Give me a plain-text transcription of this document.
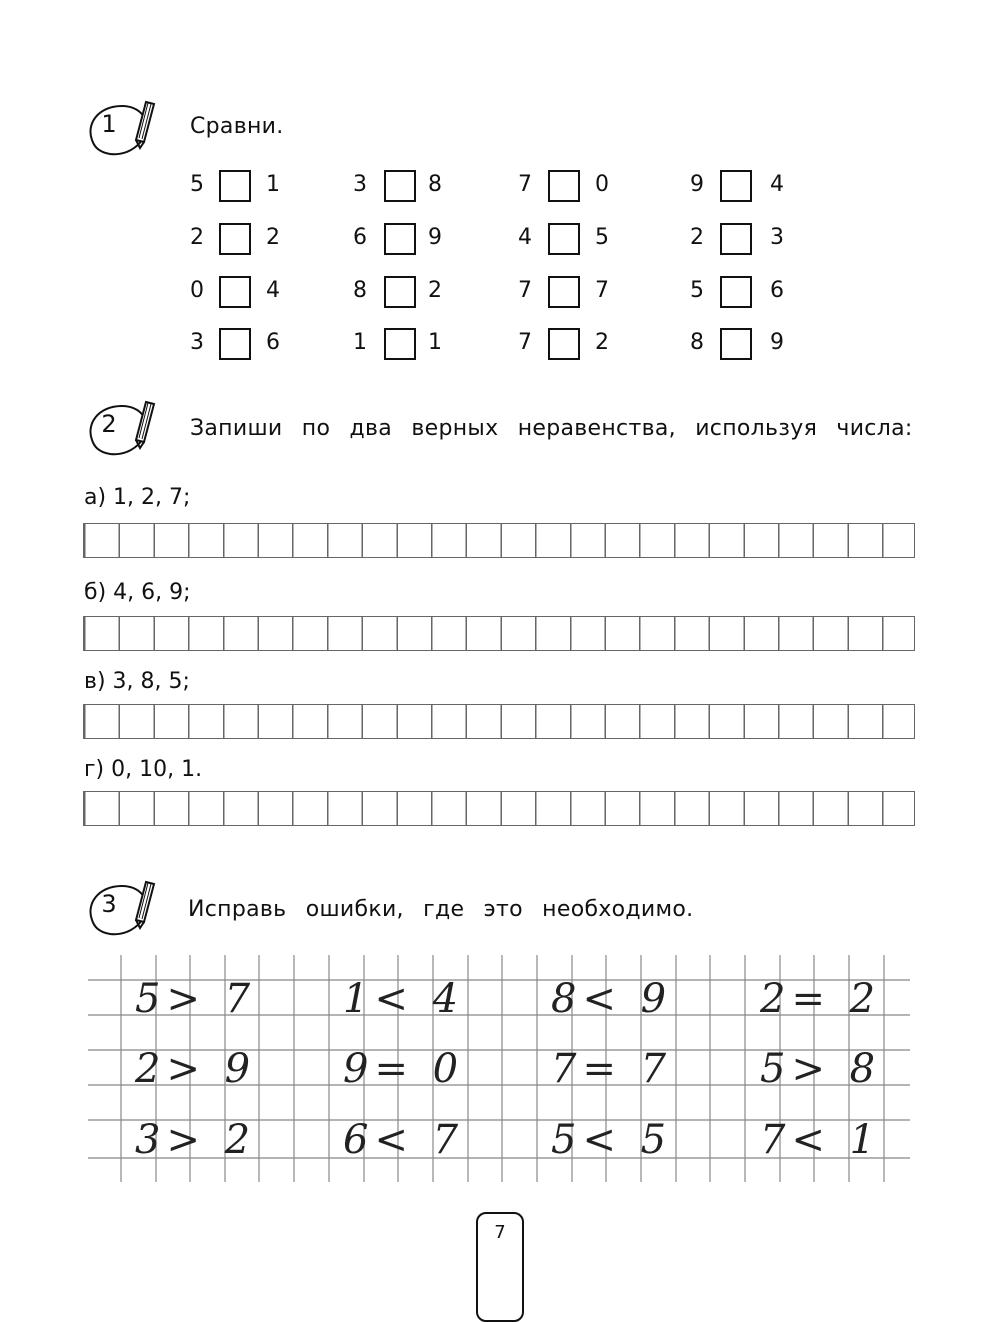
1	Сравни.
5	1
2	2
0	4
3	6
3	8
6	9
8	2
1	1
7	0
4	5
7	7
7	2
9	4
2	3
5	6
8	9
2	Запиши по два верных неравенства, используя числа:
а) 1, 2, 7;
б) 4, 6, 9;
в) 3, 8, 5;
г) 0, 10, 1.
3	Исправь ошибки, где это необходимо.
5> 7 1< 4 8< 9 2= 2
2> 9 9= 0 7= 7 5> 8
3> 2 6< 7 5< 5 7< 1
7
